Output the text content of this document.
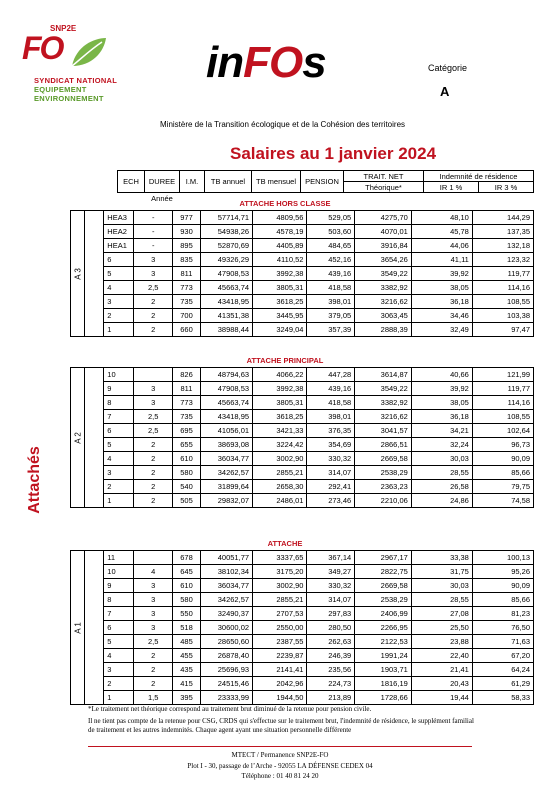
SNP2E
FO
SYNDICAT NATIONAL
EQUIPEMENT
ENVIRONNEMENT
inFOs	Catégorie
A
Ministère de la Transition écologique et de la Cohésion des territoires
Salaires au 1 janvier 2024
Attachés
ECH	DUREE	I.M.	TB annuel	TB mensuel	PENSION	TRAIT. NET	Indemnité de résidence	
						Théorique*	IR 1 %	IR 3 %
	Année							
ATTACHE HORS CLASSE
ATTACHE PRINCIPAL
ATTACHE
A 3		HEA3	-	977	57714,71	4809,56	529,05	4275,70	48,10	144,29
		HEA2	-	930	54938,26	4578,19	503,60	4070,01	45,78	137,35
		HEA1	-	895	52870,69	4405,89	484,65	3916,84	44,06	132,18
		6	3	835	49326,29	4110,52	452,16	3654,26	41,11	123,32
		5	3	811	47908,53	3992,38	439,16	3549,22	39,92	119,77
		4	2,5	773	45663,74	3805,31	418,58	3382,92	38,05	114,16
		3	2	735	43418,95	3618,25	398,01	3216,62	36,18	108,55
		2	2	700	41351,38	3445,95	379,05	3063,45	34,46	103,38
		1	2	660	38988,44	3249,04	357,39	2888,39	32,49	97,47
A 2		10		826	48794,63	4066,22	447,28	3614,87	40,66	121,99
		9	3	811	47908,53	3992,38	439,16	3549,22	39,92	119,77
		8	3	773	45663,74	3805,31	418,58	3382,92	38,05	114,16
		7	2,5	735	43418,95	3618,25	398,01	3216,62	36,18	108,55
		6	2,5	695	41056,01	3421,33	376,35	3041,57	34,21	102,64
		5	2	655	38693,08	3224,42	354,69	2866,51	32,24	96,73
		4	2	610	36034,77	3002,90	330,32	2669,58	30,03	90,09
		3	2	580	34262,57	2855,21	314,07	2538,29	28,55	85,66
		2	2	540	31899,64	2658,30	292,41	2363,23	26,58	79,75
		1	2	505	29832,07	2486,01	273,46	2210,06	24,86	74,58
A 1		11		678	40051,77	3337,65	367,14	2967,17	33,38	100,13
		10	4	645	38102,34	3175,20	349,27	2822,75	31,75	95,26
		9	3	610	36034,77	3002,90	330,32	2669,58	30,03	90,09
		8	3	580	34262,57	2855,21	314,07	2538,29	28,55	85,66
		7	3	550	32490,37	2707,53	297,83	2406,99	27,08	81,23
		6	3	518	30600,02	2550,00	280,50	2266,95	25,50	76,50
		5	2,5	485	28650,60	2387,55	262,63	2122,53	23,88	71,63
		4	2	455	26878,40	2239,87	246,39	1991,24	22,40	67,20
		3	2	435	25696,93	2141,41	235,56	1903,71	21,41	64,24
		2	2	415	24515,46	2042,96	224,73	1816,19	20,43	61,29
		1	1,5	395	23333,99	1944,50	213,89	1728,66	19,44	58,33
*Le traitement net théorique correspond au traitement brut diminué de la retenue pour pension civile.
Il ne tient pas compte de la retenue pour CSG, CRDS qui s'effectue sur le traitement brut, l'indemnité de résidence, le supplément familial de traitement et les autres indemnités. Chaque agent ayant une situation personnelle différente
MTECT / Permanence SNP2E-FO
Plot I - 30, passage de l’Arche - 92055 LA DÉFENSE CEDEX 04
Téléphone : 01 40 81 24 20
